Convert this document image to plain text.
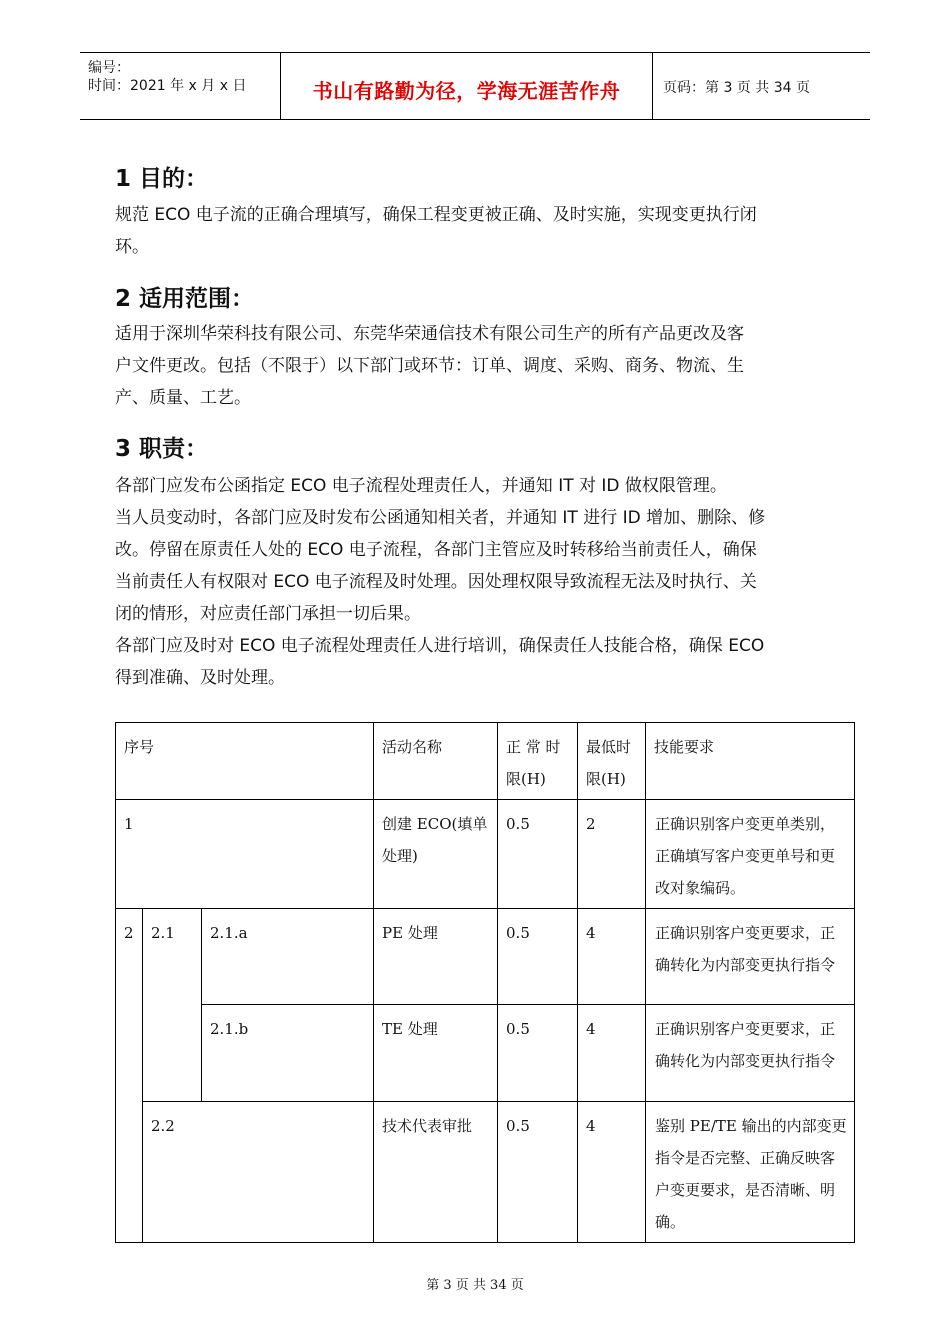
编号：
时间：2021 年 x 月 x 日	书山有路勤为径，学海无涯苦作舟	页码：第 3 页 共 34 页
1 目的：
规范 ECO 电子流的正确合理填写，确保工程变更被正确、及时实施，实现变更执行闭
环。
2 适用范围：
适用于深圳华荣科技有限公司、东莞华荣通信技术有限公司生产的所有产品更改及客
户文件更改。包括（不限于）以下部门或环节：订单、调度、采购、商务、物流、生
产、质量、工艺。
3 职责：
各部门应发布公函指定 ECO 电子流程处理责任人，并通知 IT 对 ID 做权限管理。
当人员变动时，各部门应及时发布公函通知相关者，并通知 IT 进行 ID 增加、删除、修
改。停留在原责任人处的 ECO 电子流程，各部门主管应及时转移给当前责任人，确保
当前责任人有权限对 ECO 电子流程及时处理。因处理权限导致流程无法及时执行、关
闭的情形，对应责任部门承担一切后果。
各部门应及时对 ECO 电子流程处理责任人进行培训，确保责任人技能合格，确保 ECO
得到准确、及时处理。
序号			活动名称	正 常 时 限(H)	最低时限(H)	技能要求
1			创建 ECO(填单处理)	0.5	2	正确识别客户变更单类别，正确填写客户变更单号和更改对象编码。
2	2.1	2.1.a	PE 处理	0.5	4	正确识别客户变更要求，正确转化为内部变更执行指令
		2.1.b	TE 处理	0.5	4	正确识别客户变更要求，正确转化为内部变更执行指令
	2.2		技术代表审批	0.5	4	鉴别 PE/TE 输出的内部变更指令是否完整、正确反映客户变更要求，是否清晰、明确。
第 3 页 共 34 页
